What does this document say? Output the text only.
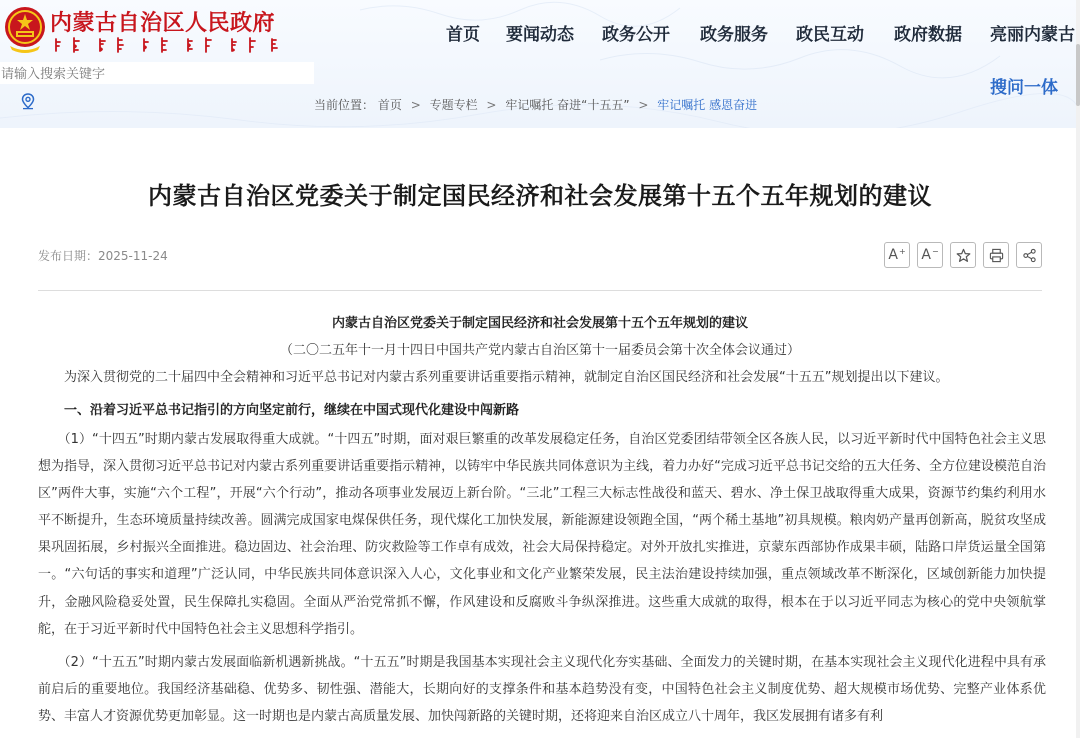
内蒙古自治区人民政府	首页 要闻动态 政务公开 政务服务 政民互动 政府数据 亮丽内蒙古
请输入搜索关键字
当前位置： 首页 > 专题专栏 > 牢记嘱托 奋进“十五五” > 牢记嘱托 感恩奋进
搜问一体
内蒙古自治区党委关于制定国民经济和社会发展第十五个五年规划的建议
发布日期：2025-11-24	A+	A−
内蒙古自治区党委关于制定国民经济和社会发展第十五个五年规划的建议
（二〇二五年十一月十四日中国共产党内蒙古自治区第十一届委员会第十次全体会议通过）
为深入贯彻党的二十届四中全会精神和习近平总书记对内蒙古系列重要讲话重要指示精神，就制定自治区国民经济和社会发展“十五五”规划提出以下建议。
一、沿着习近平总书记指引的方向坚定前行，继续在中国式现代化建设中闯新路

　　（1）“十四五”时期内蒙古发展取得重大成就。“十四五”时期，面对艰巨繁重的改革发展稳定任务，自治区党委团结带领全区各族人民，以习近平新时代中国特色社会主义思想为指导，深入贯彻习近平总书记对内蒙古系列重要讲话重要指示精神，以铸牢中华民族共同体意识为主线，着力办好“完成习近平总书记交给的五大任务、全方位建设模范自治区”两件大事，实施“六个工程”，开展“六个行动”，推动各项事业发展迈上新台阶。“三北”工程三大标志性战役和蓝天、碧水、净土保卫战取得重大成果，资源节约集约利用水平不断提升，生态环境质量持续改善。圆满完成国家电煤保供任务，现代煤化工加快发展，新能源建设领跑全国，“两个稀土基地”初具规模。粮肉奶产量再创新高，脱贫攻坚成果巩固拓展，乡村振兴全面推进。稳边固边、社会治理、防灾救险等工作卓有成效，社会大局保持稳定。对外开放扎实推进，京蒙东西部协作成果丰硕，陆路口岸货运量全国第一。“六句话的事实和道理”广泛认同，中华民族共同体意识深入人心，文化事业和文化产业繁荣发展，民主法治建设持续加强，重点领域改革不断深化，区域创新能力加快提升，金融风险稳妥处置，民生保障扎实稳固。全面从严治党常抓不懈，作风建设和反腐败斗争纵深推进。这些重大成就的取得，根本在于以习近平同志为核心的党中央领航掌舵，在于习近平新时代中国特色社会主义思想科学指引。

　　（2）“十五五”时期内蒙古发展面临新机遇新挑战。“十五五”时期是我国基本实现社会主义现代化夯实基础、全面发力的关键时期，在基本实现社会主义现代化进程中具有承前启后的重要地位。我国经济基础稳、优势多、韧性强、潜能大，长期向好的支撑条件和基本趋势没有变，中国特色社会主义制度优势、超大规模市场优势、完整产业体系优势、丰富人才资源优势更加彰显。这一时期也是内蒙古高质量发展、加快闯新路的关键时期，还将迎来自治区成立八十周年，我区发展拥有诸多有利
